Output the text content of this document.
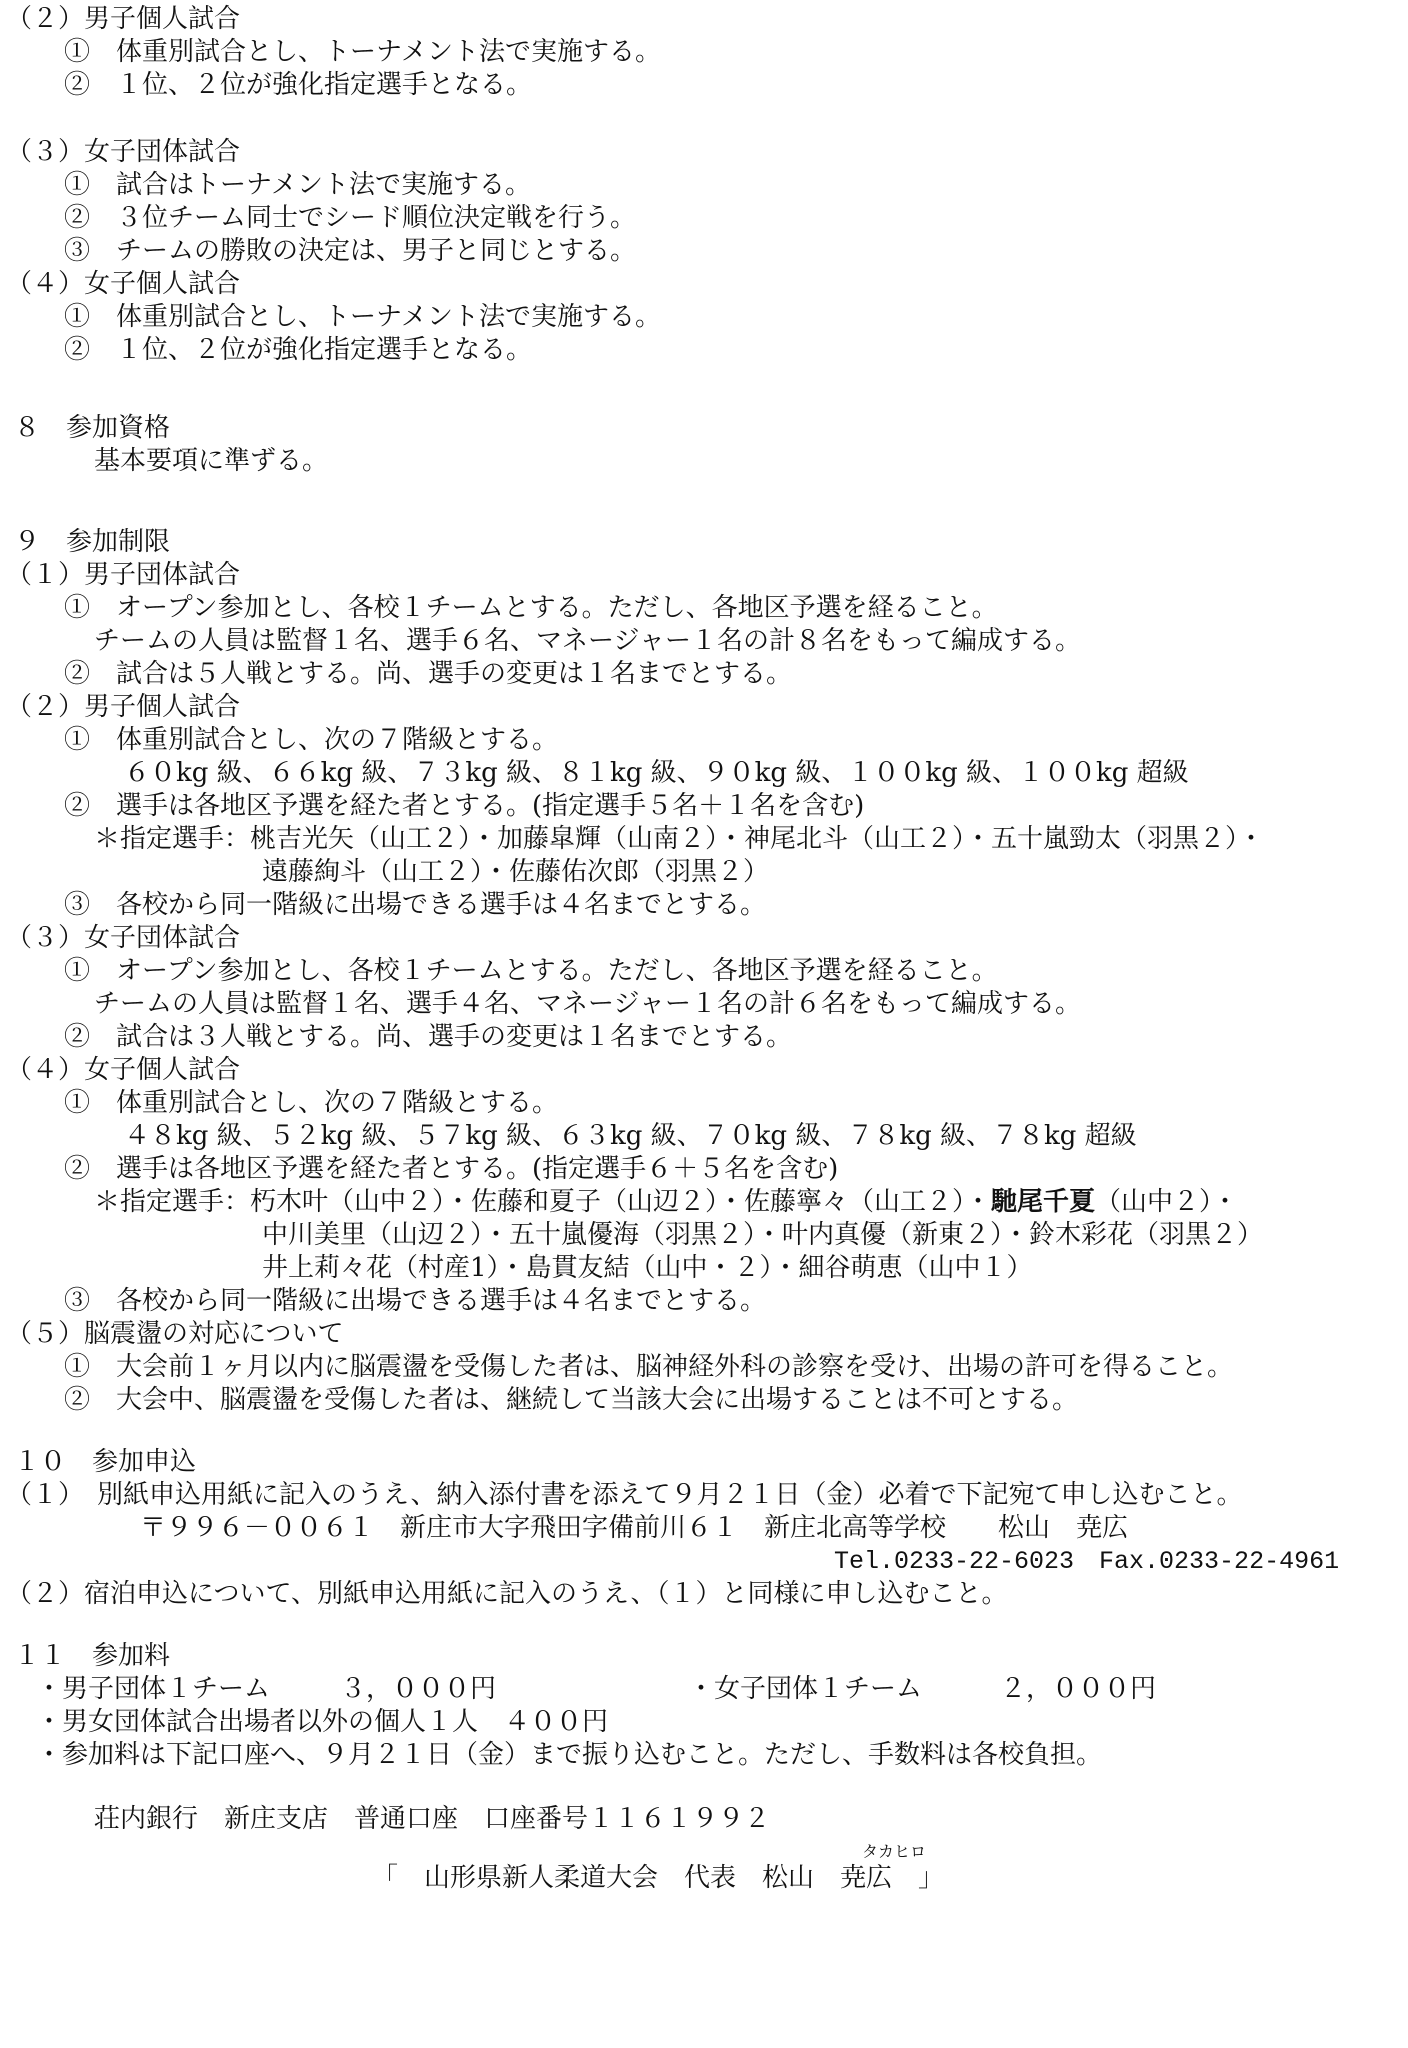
（２）男子個人試合
①　体重別試合とし、トーナメント法で実施する。
②　１位、２位が強化指定選手となる。
（３）女子団体試合
①　試合はトーナメント法で実施する。
②　３位チーム同士でシード順位決定戦を行う。
③　チームの勝敗の決定は、男子と同じとする。
（４）女子個人試合
①　体重別試合とし、トーナメント法で実施する。
②　１位、２位が強化指定選手となる。
８　参加資格
基本要項に準ずる。
９　参加制限
（１）男子団体試合
①　オープン参加とし、各校１チームとする。ただし、各地区予選を経ること。
チームの人員は監督１名、選手６名、マネージャー１名の計８名をもって編成する。
②　試合は５人戦とする。尚、選手の変更は１名までとする。
（２）男子個人試合
①　体重別試合とし、次の７階級とする。
６０kg 級、６６kg 級、７３kg 級、８１kg 級、９０kg 級、１００kg 級、１００kg 超級
②　選手は各地区予選を経た者とする。(指定選手５名＋１名を含む)
＊指定選手：桃吉光矢（山工２）・加藤皐輝（山南２）・神尾北斗（山工２）・五十嵐勁太（羽黒２）・
遠藤絢斗（山工２）・佐藤佑次郎（羽黒２）
③　各校から同一階級に出場できる選手は４名までとする。
（３）女子団体試合
①　オープン参加とし、各校１チームとする。ただし、各地区予選を経ること。
チームの人員は監督１名、選手４名、マネージャー１名の計６名をもって編成する。
②　試合は３人戦とする。尚、選手の変更は１名までとする。
（４）女子個人試合
①　体重別試合とし、次の７階級とする。
４８kg 級、５２kg 級、５７kg 級、６３kg 級、７０kg 級、７８kg 級、７８kg 超級
②　選手は各地区予選を経た者とする。(指定選手６＋５名を含む)
＊指定選手：朽木叶（山中２）・佐藤和夏子（山辺２）・佐藤寧々（山工２）・馳尾千夏（山中２）・
中川美里（山辺２）・五十嵐優海（羽黒２）・叶内真優（新東２）・鈴木彩花（羽黒２）
井上莉々花（村産1）・島貫友結（山中・２）・細谷萌恵（山中１）
③　各校から同一階級に出場できる選手は４名までとする。
（５）脳震盪の対応について
①　大会前１ヶ月以内に脳震盪を受傷した者は、脳神経外科の診察を受け、出場の許可を得ること。
②　大会中、脳震盪を受傷した者は、継続して当該大会に出場することは不可とする。
１０　参加申込
（１）　別紙申込用紙に記入のうえ、納入添付書を添えて９月２１日（金）必着で下記宛て申し込むこと。
〒９９６－００６１　新庄市大字飛田字備前川６１　新庄北高等学校　　松山　尭広
Tel.0233-22-6023　Fax.0233-22-4961
（２）宿泊申込について、別紙申込用紙に記入のうえ、（１）と同様に申し込むこと。
１１　参加料
・男子団体１チーム	３，０００円	・女子団体１チーム	２，０００円
・男女団体試合出場者以外の個人１人　４００円
・参加料は下記口座へ、９月２１日（金）まで振り込むこと。ただし、手数料は各校負担。
荘内銀行　新庄支店　普通口座　口座番号１１６１９９２
タカヒロ
「　山形県新人柔道大会　代表　松山　尭広　」
